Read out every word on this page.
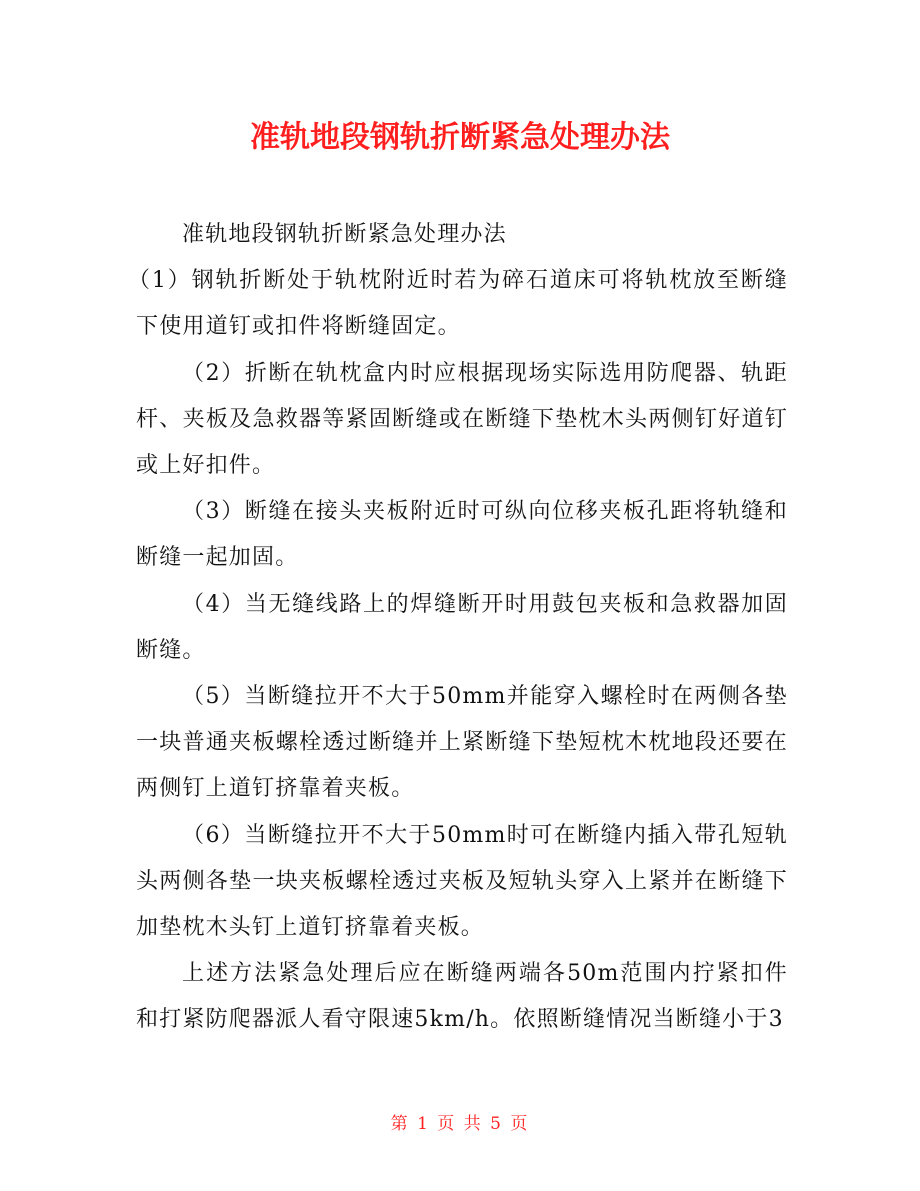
准轨地段钢轨折断紧急处理办法

准轨地段钢轨折断紧急处理办法

（1）钢轨折断处于轨枕附近时若为碎石道床可将轨枕放至断缝下使用道钉或扣件将断缝固定。

（2）折断在轨枕盒内时应根据现场实际选用防爬器、轨距杆、夹板及急救器等紧固断缝或在断缝下垫枕木头两侧钉好道钉或上好扣件。

（3）断缝在接头夹板附近时可纵向位移夹板孔距将轨缝和断缝一起加固。

（4）当无缝线路上的焊缝断开时用鼓包夹板和急救器加固断缝。

（5）当断缝拉开不大于50mm并能穿入螺栓时在两侧各垫一块普通夹板螺栓透过断缝并上紧断缝下垫短枕木枕地段还要在两侧钉上道钉挤靠着夹板。

（6）当断缝拉开不大于50mm时可在断缝内插入带孔短轨头两侧各垫一块夹板螺栓透过夹板及短轨头穿入上紧并在断缝下加垫枕木头钉上道钉挤靠着夹板。

上述方法紧急处理后应在断缝两端各50m范围内拧紧扣件和打紧防爬器派人看守限速5km/h。依照断缝情况当断缝小于3

第 1 页 共 5 页
